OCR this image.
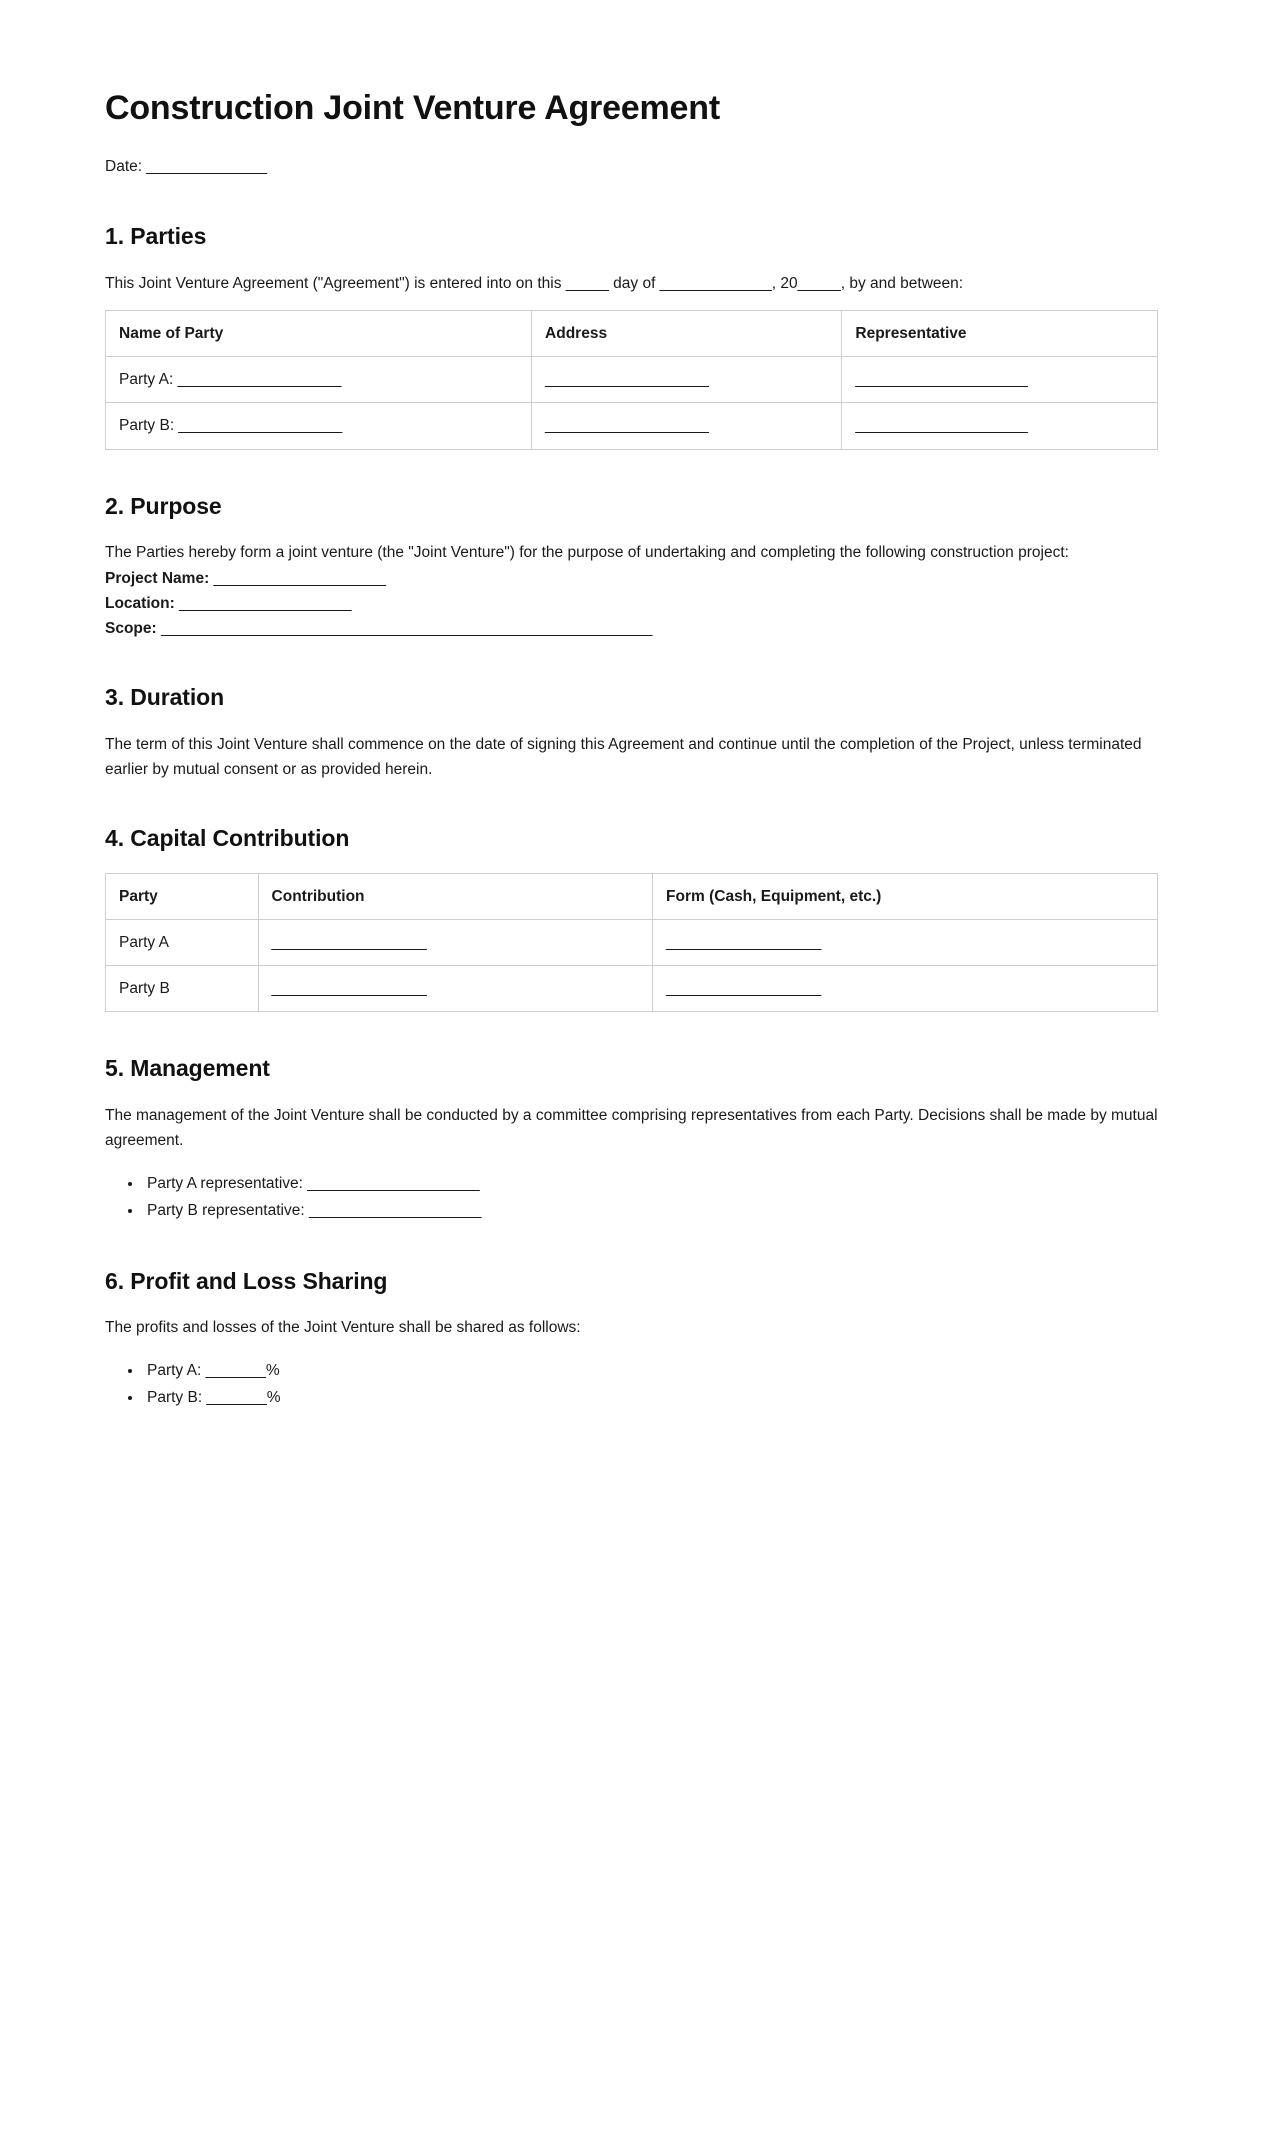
Construction Joint Venture Agreement
Date: ______________
1. Parties

This Joint Venture Agreement ("Agreement") is entered into on this _____ day of _____________, 20_____, by and between:

Name of Party	Address	Representative
Party A: ___________________	___________________	____________________
Party B: ___________________	___________________	____________________
2. Purpose

The Parties hereby form a joint venture (the "Joint Venture") for the purpose of undertaking and completing the following construction project:

Project Name: ____________________
Location: ____________________
Scope: _________________________________________________________
3. Duration

The term of this Joint Venture shall commence on the date of signing this Agreement and continue until the completion of the Project, unless terminated earlier by mutual consent or as provided herein.

4. Capital Contribution
Party	Contribution	Form (Cash, Equipment, etc.)
Party A	__________________	__________________
Party B	__________________	__________________
5. Management

The management of the Joint Venture shall be conducted by a committee comprising representatives from each Party. Decisions shall be made by mutual agreement.

• Party A representative: ____________________
• Party B representative: ____________________
6. Profit and Loss Sharing

The profits and losses of the Joint Venture shall be shared as follows:

• Party A: _______%
• Party B: _______%
